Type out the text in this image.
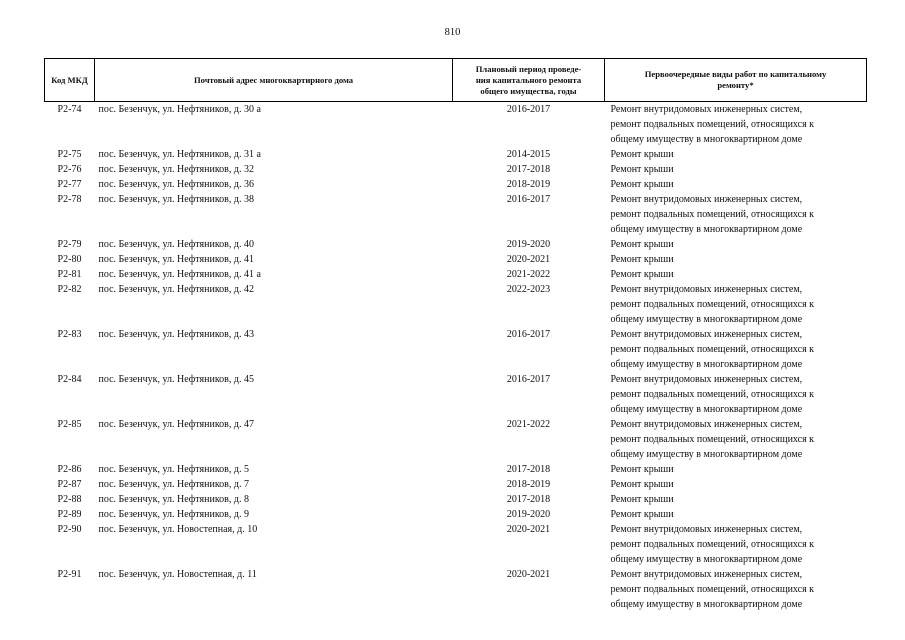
810
Код МКД	Почтовый адрес многоквартирного дома	Плановый период проведе-
ния капитального ремонта
общего имущества, годы	Первоочередные виды работ по капитальному
ремонту*
Р2-74	пос. Безенчук, ул. Нефтяников, д. 30 а	2016-2017	Ремонт внутридомовых инженерных систем,
ремонт подвальных помещений, относящихся к
общему имуществу в многоквартирном доме
Р2-75	пос. Безенчук, ул. Нефтяников, д. 31 а	2014-2015	Ремонт крыши
Р2-76	пос. Безенчук, ул. Нефтяников, д. 32	2017-2018	Ремонт крыши
Р2-77	пос. Безенчук, ул. Нефтяников, д. 36	2018-2019	Ремонт крыши
Р2-78	пос. Безенчук, ул. Нефтяников, д. 38	2016-2017	Ремонт внутридомовых инженерных систем,
ремонт подвальных помещений, относящихся к
общему имуществу в многоквартирном доме
Р2-79	пос. Безенчук, ул. Нефтяников, д. 40	2019-2020	Ремонт крыши
Р2-80	пос. Безенчук, ул. Нефтяников, д. 41	2020-2021	Ремонт крыши
Р2-81	пос. Безенчук, ул. Нефтяников, д. 41 а	2021-2022	Ремонт крыши
Р2-82	пос. Безенчук, ул. Нефтяников, д. 42	2022-2023	Ремонт внутридомовых инженерных систем,
ремонт подвальных помещений, относящихся к
общему имуществу в многоквартирном доме
Р2-83	пос. Безенчук, ул. Нефтяников, д. 43	2016-2017	Ремонт внутридомовых инженерных систем,
ремонт подвальных помещений, относящихся к
общему имуществу в многоквартирном доме
Р2-84	пос. Безенчук, ул. Нефтяников, д. 45	2016-2017	Ремонт внутридомовых инженерных систем,
ремонт подвальных помещений, относящихся к
общему имуществу в многоквартирном доме
Р2-85	пос. Безенчук, ул. Нефтяников, д. 47	2021-2022	Ремонт внутридомовых инженерных систем,
ремонт подвальных помещений, относящихся к
общему имуществу в многоквартирном доме
Р2-86	пос. Безенчук, ул. Нефтяников, д. 5	2017-2018	Ремонт крыши
Р2-87	пос. Безенчук, ул. Нефтяников, д. 7	2018-2019	Ремонт крыши
Р2-88	пос. Безенчук, ул. Нефтяников, д. 8	2017-2018	Ремонт крыши
Р2-89	пос. Безенчук, ул. Нефтяников, д. 9	2019-2020	Ремонт крыши
Р2-90	пос. Безенчук, ул. Новостепная, д. 10	2020-2021	Ремонт внутридомовых инженерных систем,
ремонт подвальных помещений, относящихся к
общему имуществу в многоквартирном доме
Р2-91	пос. Безенчук, ул. Новостепная, д. 11	2020-2021	Ремонт внутридомовых инженерных систем,
ремонт подвальных помещений, относящихся к
общему имуществу в многоквартирном доме
